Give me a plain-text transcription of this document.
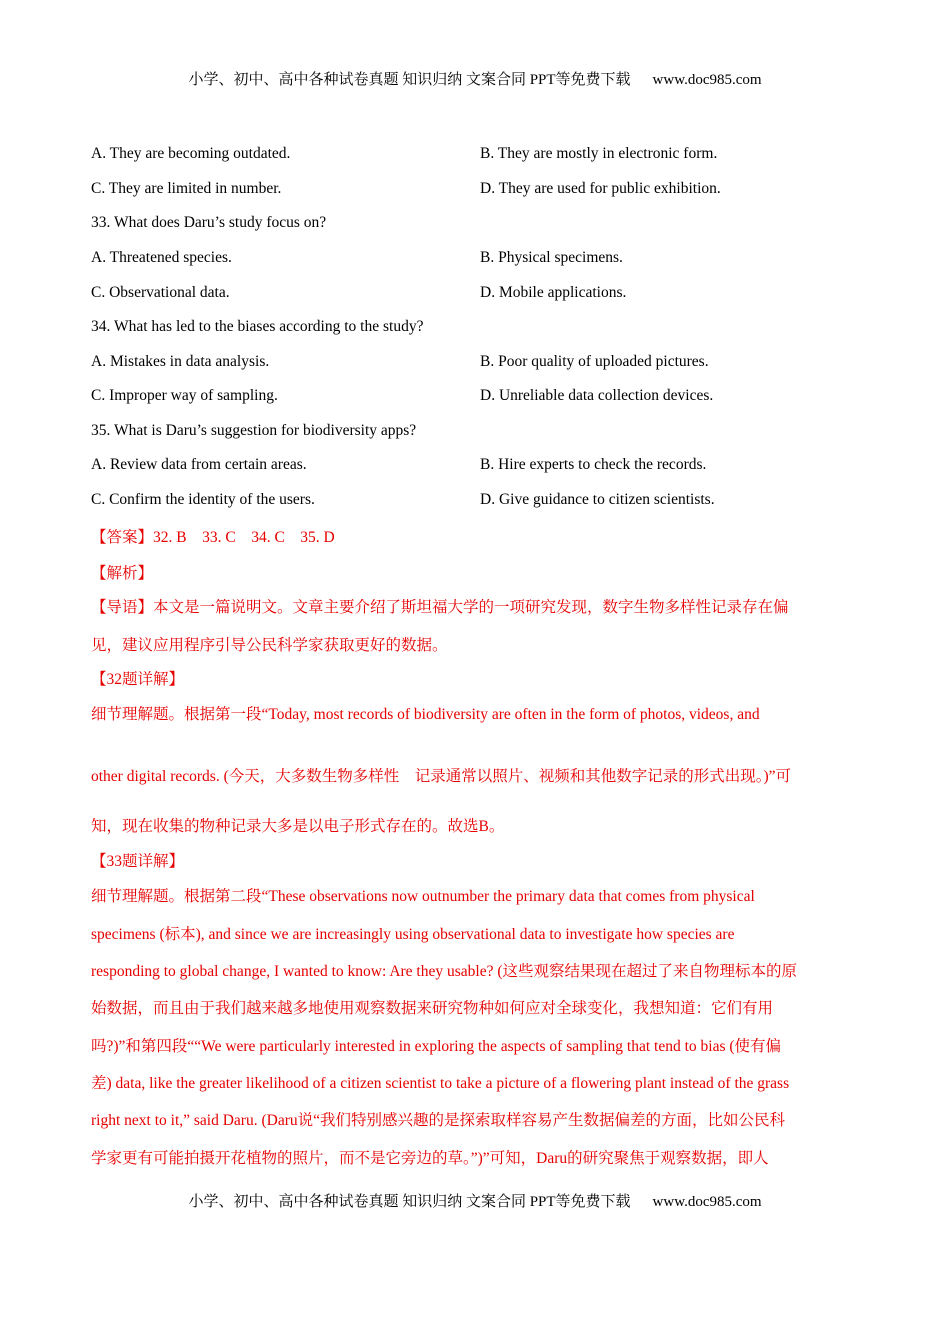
小学、初中、高中各种试卷真题 知识归纳 文案合同 PPT等免费下载 www.doc985.com
A. They are becoming outdated.	B. They are mostly in electronic form.
C. They are limited in number.	D. They are used for public exhibition.
33. What does Daru’s study focus on?
A. Threatened species.	B. Physical specimens.
C. Observational data.	D. Mobile applications.
34. What has led to the biases according to the study?
A. Mistakes in data analysis.	B. Poor quality of uploaded pictures.
C. Improper way of sampling.	D. Unreliable data collection devices.
35. What is Daru’s suggestion for biodiversity apps?
A. Review data from certain areas.	B. Hire experts to check the records.
C. Confirm the identity of the users.	D. Give guidance to citizen scientists.
【答案】32. B    33. C    34. C    35. D
【解析】
【导语】本文是一篇说明文。文章主要介绍了斯坦福大学的一项研究发现，数字生物多样性记录存在偏
见，建议应用程序引导公民科学家获取更好的数据。
【32题详解】
细节理解题。根据第一段“Today, most records of biodiversity are often in the form of photos, videos, and
other digital records. (今天，大多数生物多样性    记录通常以照片、视频和其他数字记录的形式出现。)”可
知，现在收集的物种记录大多是以电子形式存在的。故选B。
【33题详解】
细节理解题。根据第二段“These observations now outnumber the primary data that comes from physical
specimens (标本), and since we are increasingly using observational data to investigate how species are
responding to global change, I wanted to know: Are they usable? (这些观察结果现在超过了来自物理标本的原
始数据，而且由于我们越来越多地使用观察数据来研究物种如何应对全球变化，我想知道：它们有用
吗?)”和第四段““We were particularly interested in exploring the aspects of sampling that tend to bias (使有偏
差) data, like the greater likelihood of a citizen scientist to take a picture of a flowering plant instead of the grass
right next to it,” said Daru. (Daru说“我们特别感兴趣的是探索取样容易产生数据偏差的方面，比如公民科
学家更有可能拍摄开花植物的照片，而不是它旁边的草。”)”可知，Daru的研究聚焦于观察数据，即人
小学、初中、高中各种试卷真题 知识归纳 文案合同 PPT等免费下载 www.doc985.com
